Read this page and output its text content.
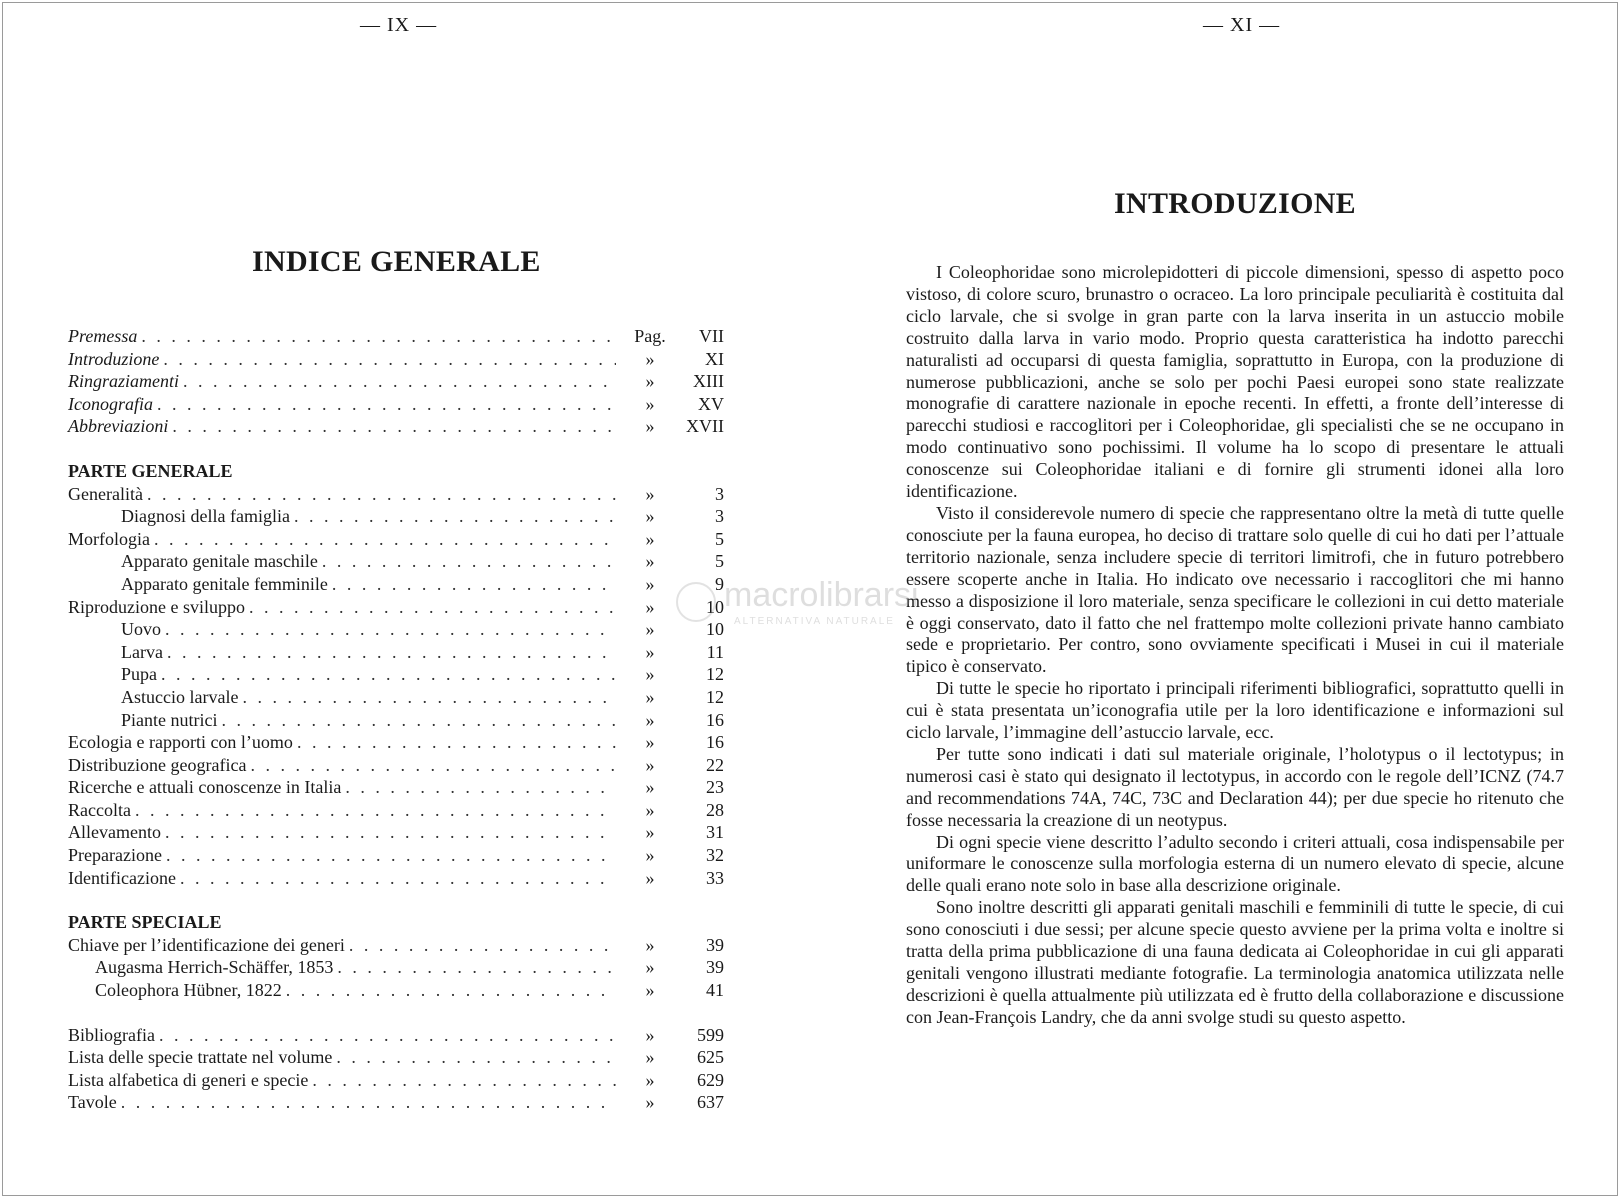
— IX —
INDICE GENERALE
Premessa . . .	Pag.	VII
Introduzione . . .	»	XI
Ringraziamenti . . .	»	XIII
Iconografia . . .	»	XV
Abbreviazioni . . .	»	XVII
PARTE GENERALE
Generalità . . .	»	3
Diagnosi della famiglia . . .	»	3
Morfologia . . .	»	5
Apparato genitale maschile . . .	»	5
Apparato genitale femminile . . .	»	9
Riproduzione e sviluppo . . .	»	10
Uovo . . .	»	10
Larva . . .	»	11
Pupa . . .	»	12
Astuccio larvale . . .	»	12
Piante nutrici . . .	»	16
Ecologia e rapporti con l’uomo . . .	»	16
Distribuzione geografica . . .	»	22
Ricerche e attuali conoscenze in Italia . . .	»	23
Raccolta . . .	»	28
Allevamento . . .	»	31
Preparazione . . .	»	32
Identificazione . . .	»	33
PARTE SPECIALE
Chiave per l’identificazione dei generi . . .	»	39
Augasma Herrich-Schäffer, 1853 . . .	»	39
Coleophora Hübner, 1822 . . .	»	41
Bibliografia . . .	»	599
Lista delle specie trattate nel volume . . .	»	625
Lista alfabetica di generi e specie . . .	»	629
Tavole . . .	»	637
— XI —
INTRODUZIONE

I Coleophoridae sono microlepidotteri di piccole dimensioni, spesso di aspetto poco vistoso, di colore scuro, brunastro o ocraceo. La loro principale peculiarità è costituita dal ciclo larvale, che si svolge in gran parte con la larva inserita in un astuccio mobile costruito dalla larva in vario modo. Proprio questa caratteristica ha indotto parecchi naturalisti ad occuparsi di questa famiglia, soprattutto in Europa, con la produzione di numerose pubblicazioni, anche se solo per pochi Paesi europei sono state realizzate monografie di carattere nazionale in epoche recenti. In effetti, a fronte dell’interesse di parecchi studiosi e raccoglitori per i Coleophoridae, gli specialisti che se ne occupano in modo continuativo sono pochissimi. Il volume ha lo scopo di presentare le attuali conoscenze sui Coleophoridae italiani e di fornire gli strumenti idonei alla loro identificazione.

Visto il considerevole numero di specie che rappresentano oltre la metà di tutte quelle conosciute per la fauna europea, ho deciso di trattare solo quelle di cui ho dati per l’attuale territorio nazionale, senza includere specie di territori limitrofi, che in futuro potrebbero essere scoperte anche in Italia. Ho indicato ove necessario i raccoglitori che mi hanno messo a disposizione il loro materiale, senza specificare le collezioni in cui detto materiale è oggi conservato, dato il fatto che nel frattempo molte collezioni private hanno cambiato sede e proprietario. Per contro, sono ovviamente specificati i Musei in cui il materiale tipico è conservato.

Di tutte le specie ho riportato i principali riferimenti bibliografici, soprattutto quelli in cui è stata presentata un’iconografia utile per la loro identificazione e informazioni sul ciclo larvale, l’immagine dell’astuccio larvale, ecc.

Per tutte sono indicati i dati sul materiale originale, l’holotypus o il lectotypus; in numerosi casi è stato qui designato il lectotypus, in accordo con le regole dell’ICNZ (74.7 and recommendations 74A, 74C, 73C and Declaration 44); per due specie ho ritenuto che fosse necessaria la creazione di un neotypus.

Di ogni specie viene descritto l’adulto secondo i criteri attuali, cosa indispensabile per uniformare le conoscenze sulla morfologia esterna di un numero elevato di specie, alcune delle quali erano note solo in base alla descrizione originale.

Sono inoltre descritti gli apparati genitali maschili e femminili di tutte le specie, di cui sono conosciuti i due sessi; per alcune specie questo avviene per la prima volta e inoltre si tratta della prima pubblicazione di una fauna dedicata ai Coleophoridae in cui gli apparati genitali vengono illustrati mediante fotografie. La terminologia anatomica utilizzata nelle descrizioni è quella attualmente più utilizzata ed è frutto della collaborazione e discussione con Jean-François Landry, che da anni svolge studi su questo aspetto.

macrolibrarsi
ALTERNATIVA NATURALE
